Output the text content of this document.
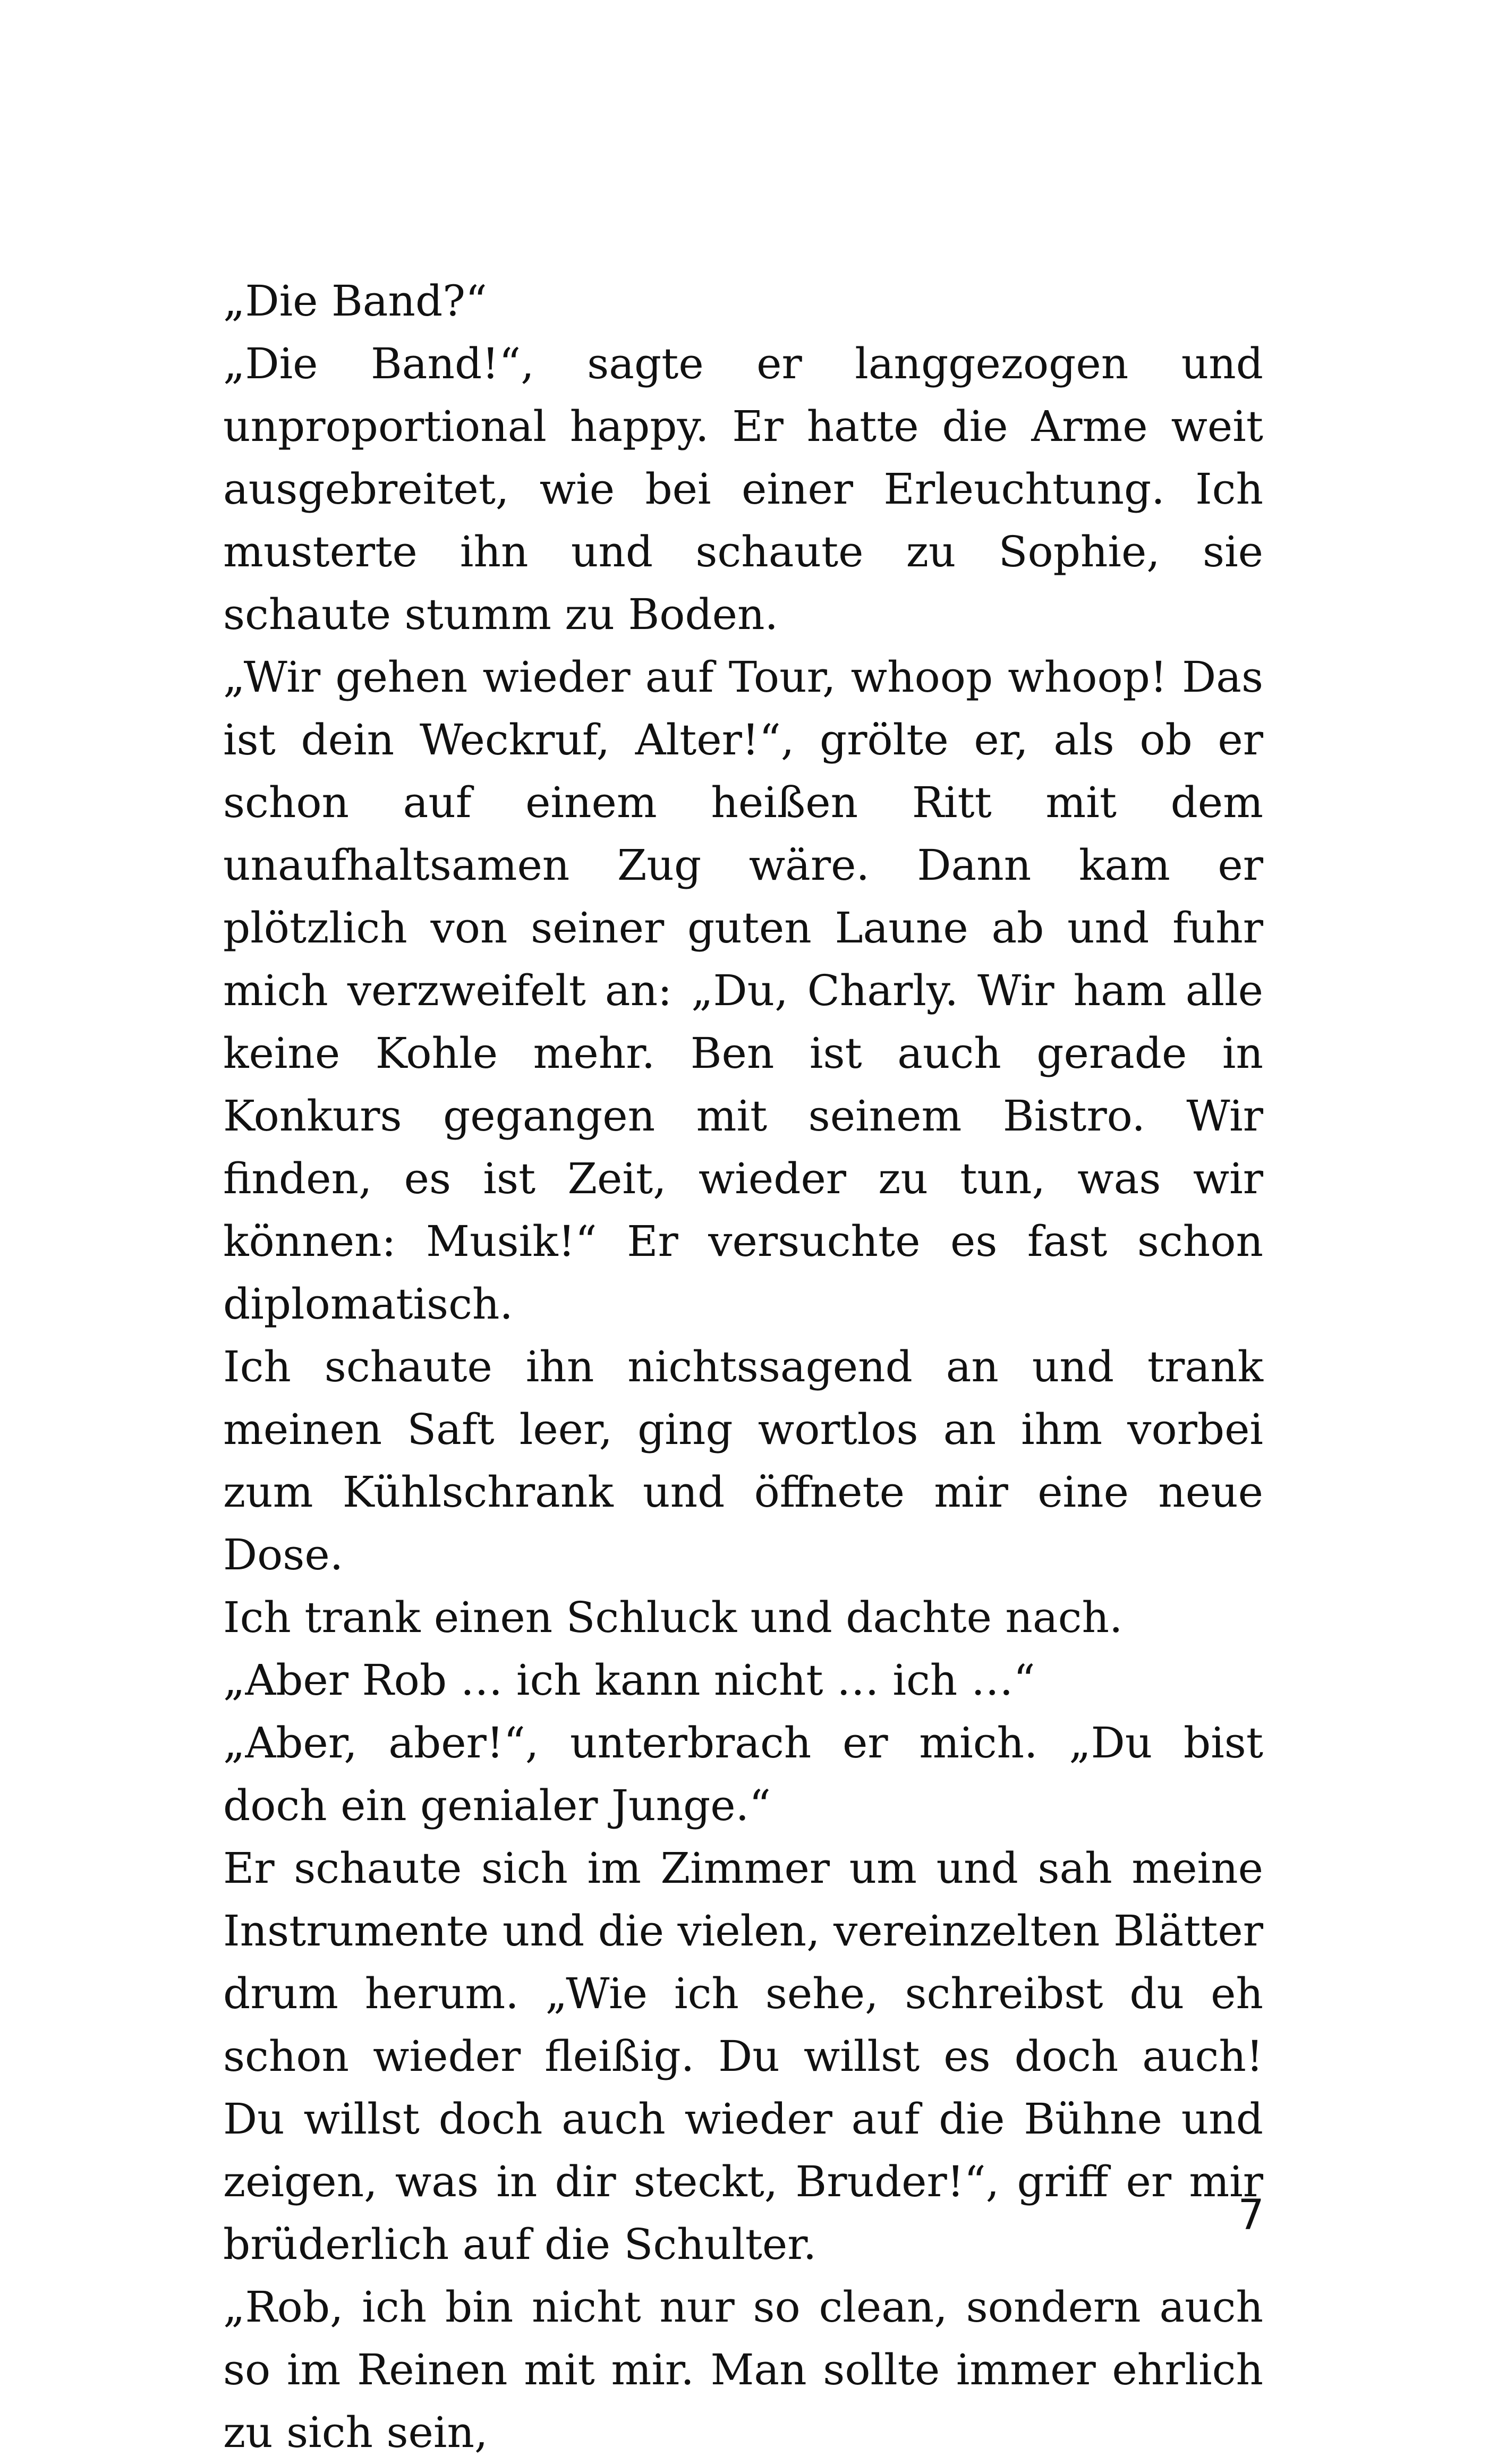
„Die Band?“

„Die Band!“, sagte er langgezogen und unproportional happy. Er hatte die Arme weit ausgebreitet, wie bei einer Erleuchtung. Ich musterte ihn und schaute zu Sophie, sie schaute stumm zu Boden.

„Wir gehen wieder auf Tour, whoop whoop! Das ist dein Weckruf, Alter!“, grölte er, als ob er schon auf einem heißen Ritt mit dem unaufhaltsamen Zug wäre. Dann kam er plötzlich von seiner guten Laune ab und fuhr mich verzweifelt an: „Du, Charly. Wir ham alle keine Kohle mehr. Ben ist auch gerade in Konkurs gegangen mit seinem Bistro. Wir finden, es ist Zeit, wieder zu tun, was wir können: Musik!“ Er versuchte es fast schon diplomatisch.

Ich schaute ihn nichtssagend an und trank meinen Saft leer, ging wortlos an ihm vorbei zum Kühlschrank und öffnete mir eine neue Dose.

Ich trank einen Schluck und dachte nach.

„Aber Rob … ich kann nicht … ich …“

„Aber, aber!“, unterbrach er mich. „Du bist doch ein genialer Junge.“

Er schaute sich im Zimmer um und sah meine Instrumente und die vielen, vereinzelten Blätter drum herum. „Wie ich sehe, schreibst du eh schon wieder fleißig. Du willst es doch auch! Du willst doch auch wieder auf die Bühne und zeigen, was in dir steckt, Bruder!“, griff er mir brüderlich auf die Schulter.

„Rob, ich bin nicht nur so clean, sondern auch so im Reinen mit mir. Man sollte immer ehrlich zu sich sein,

7
